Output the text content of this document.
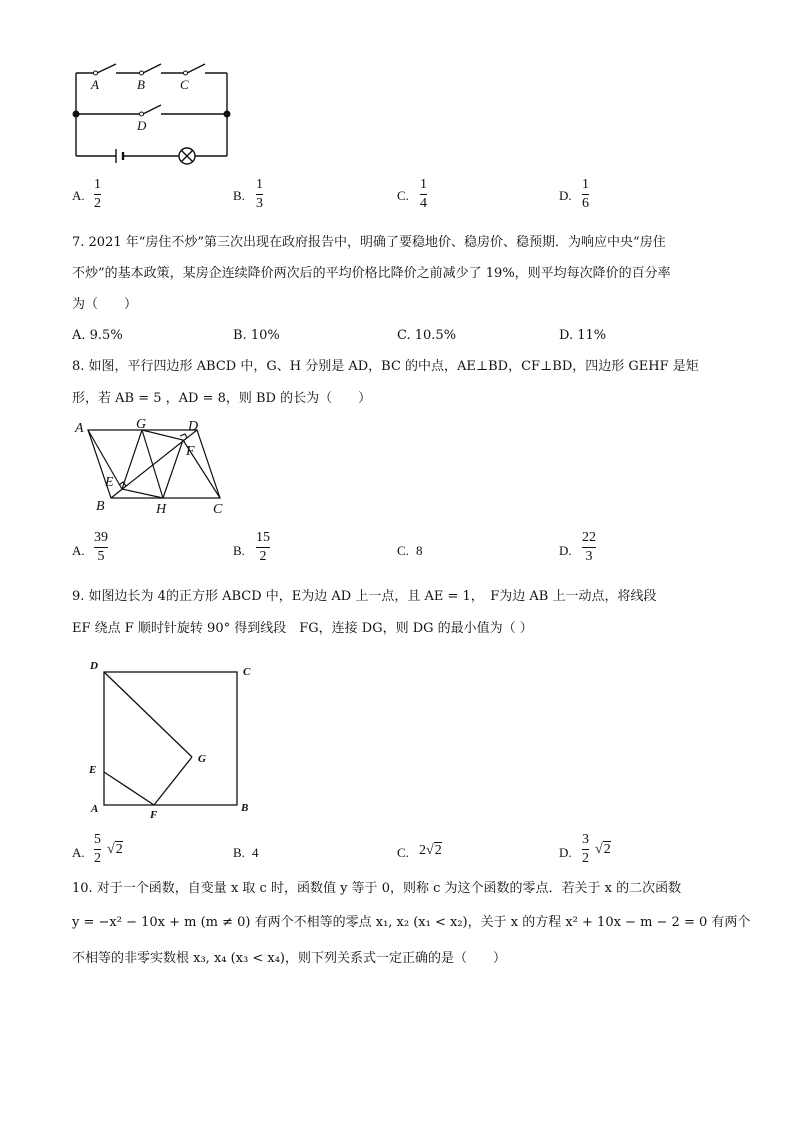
A	B	C
D
A.
1
2
B.
1
3
C.
1
4
D.
1
6
7. 2021 年“房住不炒”第三次出现在政府报告中，明确了要稳地价、稳房价、稳预期．为响应中央“房住
不炒”的基本政策，某房企连续降价两次后的平均价格比降价之前减少了 19%，则平均每次降价的百分率
为（　　）
A. 9.5%	B. 10%	C. 10.5%	D. 11%
8. 如图，平行四边形 ABCD 中，G、H 分别是 AD，BC 的中点，AE⊥BD，CF⊥BD，四边形 GEHF 是矩
形，若 AB = 5 ，AD = 8，则 BD 的长为（　　）
A	G	D
F
E
B	H	C
A.
39
5	B.
15
2	C. 8	D.
22
3
9. 如图边长为 4的正方形 ABCD 中，E为边 AD 上一点，且 AE = 1，　F为边 AB 上一动点，将线段
EF 绕点 F 顺时针旋转 90° 得到线段　FG，连接 DG，则 DG 的最小值为（ ）
D	C
E
G
A	F
B
A.
5
2
√2	B. 4	C. 2√2	D.
3
2
√2
10. 对于一个函数，自变量 x 取 c 时，函数值 y 等于 0，则称 c 为这个函数的零点．若关于 x 的二次函数
y = −x² − 10x + m (m ≠ 0) 有两个不相等的零点 x₁, x₂ (x₁ < x₂)，关于 x 的方程 x² + 10x − m − 2 = 0 有两个
不相等的非零实数根 x₃, x₄ (x₃ < x₄)，则下列关系式一定正确的是（　　）
